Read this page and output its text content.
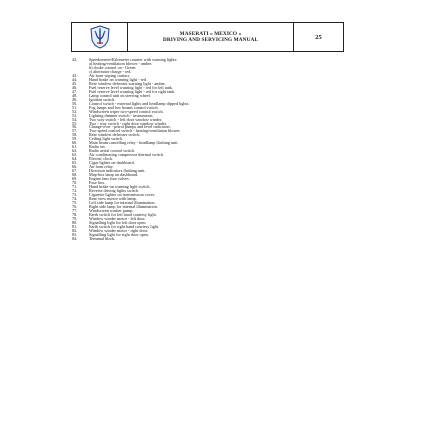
MASERATI « MEXICO »
DRIVING AND SERVICING MANUAL	25
42.	Speedometer/Kilometer counter with warning lights:
a) heating/ventilation blower - amber.
b) choke control on - Green.
c) alternator charge - red.
43.	Air horn wiping contact.
44.	Hand brake on warning light - red.
45.	Rear window defroster warning light - amber.
46.	Fuel reserve level warning light - red for left tank.
47.	Fuel reserve level warning light - red for right tank.
48.	Lamp control unit on steering wheel.
49.	Ignition switch.
50.	Control switch - external lights and headlamp dipped lights.
51.	Fog lamps and low beams control switch.
52.	Windscreen wiper two-speed control switch.
53.	Lighting dimmer switch - instruments.
54.	Two way switch - left door window winder.
55.	Two - way switch - right door window winder.
56.	Change-over - petrol pumps and level indicators.
57.	Two-speed control switch - heating/ventilation blower.
58.	Rear window defroster switch.
59.	Ceiling light switch.
60.	Main beam cancelling relay - headlamp flashing unit.
61.	Radio set.
62.	Radio aerial control switch.
63.	Air conditioning compressor thermal switch.
64.	Electric clock.
65.	Cigar lighter on dashboard.
66.	Air horn relay.
67.	Direction indicators flashing unit.
68.	Map-box lamp on dashboard.
69.	Engine fans fuse valves.
70.	Fuse box.
71.	Hand brake-on warning light switch.
72.	Reverse driving lights switch.
73.	Cigarette lighter on transmission cover.
74.	Rear view mirror with lamp.
75.	Left side lamp for internal illumination.
76.	Right side lamp for internal illumination.
77.	Windscreen washer pump.
78.	Earth switch for left hand courtesy light.
79.	Window winder motor - left door.
80.	Signalling light for left door open.
81.	Earth switch for right hand courtesy light.
82.	Window winder motor - right door.
83.	Signalling light for right door open.
84.	Terminal block.
